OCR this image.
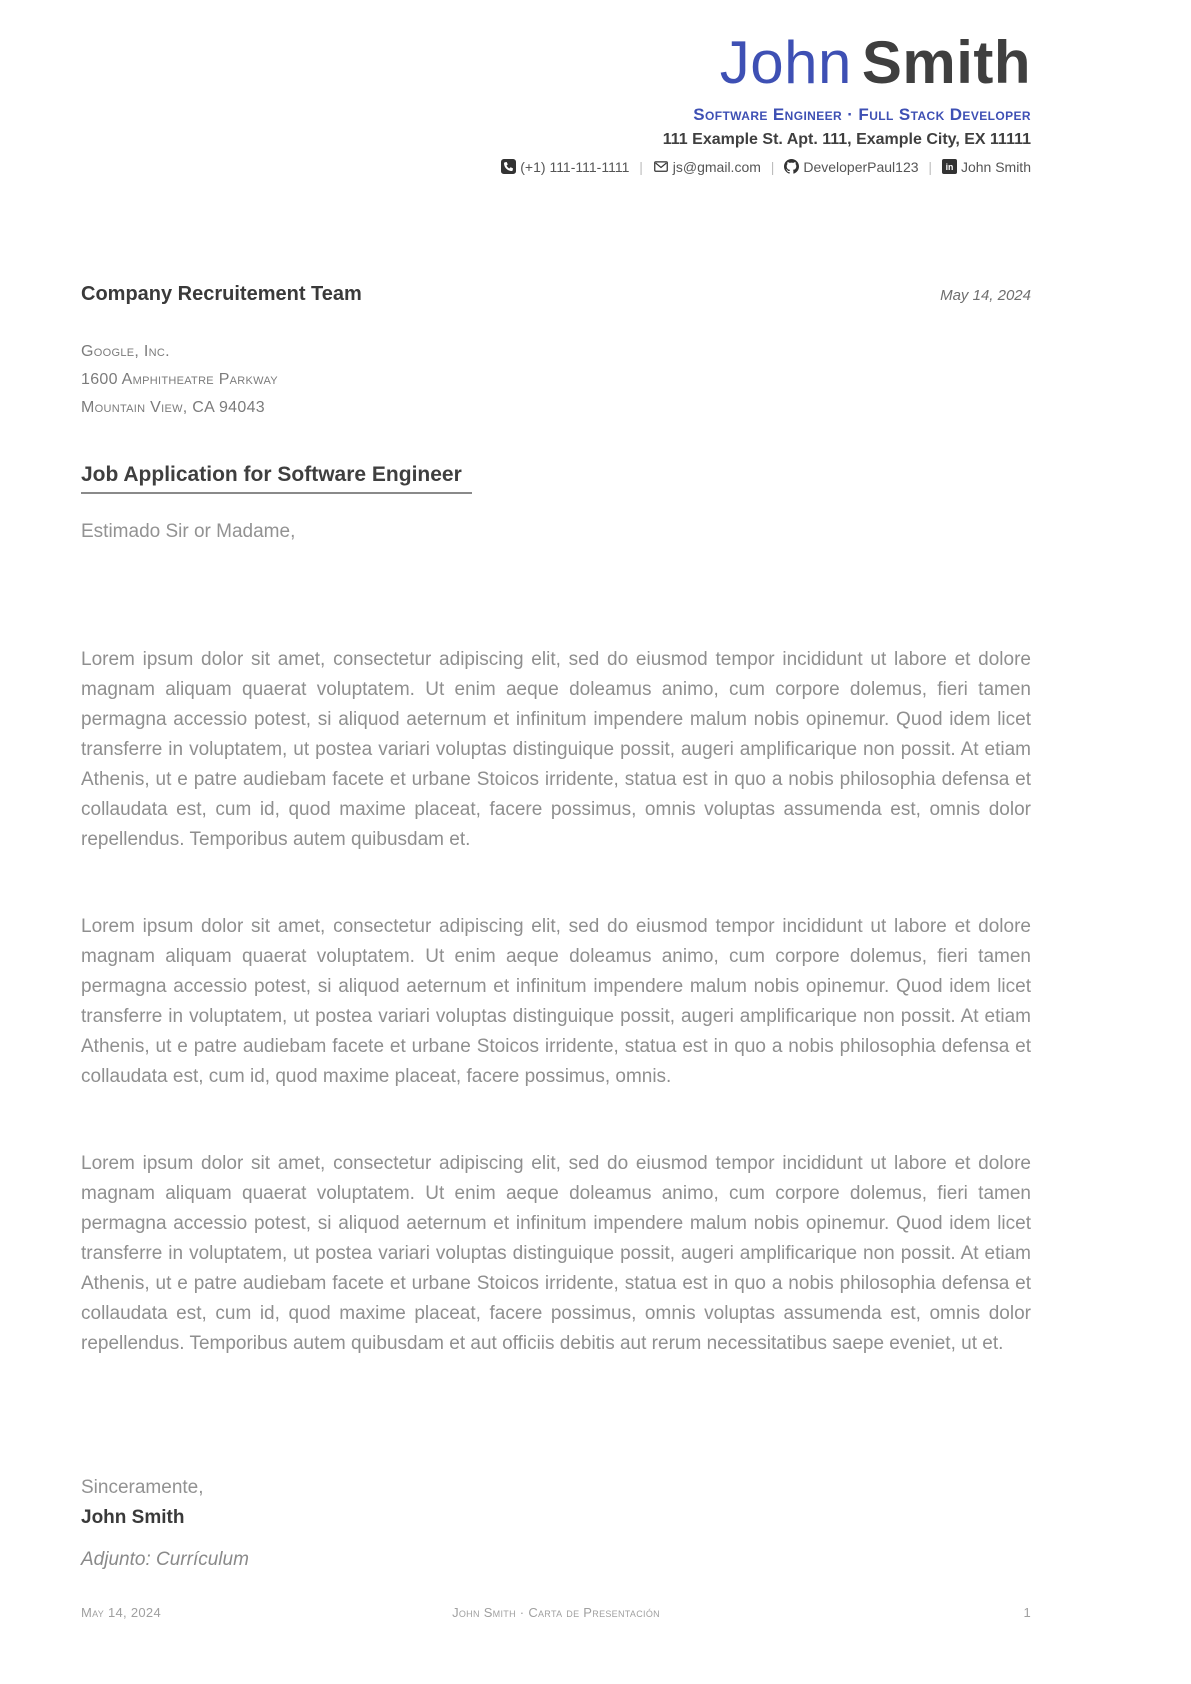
John Smith
Software Engineer · Full Stack Developer
111 Example St. Apt. 111, Example City, EX 11111
(+1) 111-111-1111 | js@gmail.com | DeveloperPaul123 | in John Smith
Company Recruitement Team	May 14, 2024
Google, Inc.
1600 Amphitheatre Parkway
Mountain View, CA 94043
Job Application for Software Engineer
Estimado Sir or Madame,

Lorem ipsum dolor sit amet, consectetur adipiscing elit, sed do eiusmod tempor incididunt ut labore et dolore magnam aliquam quaerat voluptatem. Ut enim aeque doleamus animo, cum corpore dolemus, fieri tamen permagna accessio potest, si aliquod aeternum et infinitum impendere malum nobis opinemur. Quod idem licet transferre in voluptatem, ut postea variari voluptas distinguique possit, augeri amplificarique non possit. At etiam Athenis, ut e patre audiebam facete et urbane Stoicos irridente, statua est in quo a nobis philosophia defensa et collaudata est, cum id, quod maxime placeat, facere possimus, omnis voluptas assumenda est, omnis dolor repellendus. Temporibus autem quibusdam et.

Lorem ipsum dolor sit amet, consectetur adipiscing elit, sed do eiusmod tempor incididunt ut labore et dolore magnam aliquam quaerat voluptatem. Ut enim aeque doleamus animo, cum corpore dolemus, fieri tamen permagna accessio potest, si aliquod aeternum et infinitum impendere malum nobis opinemur. Quod idem licet transferre in voluptatem, ut postea variari voluptas distinguique possit, augeri amplificarique non possit. At etiam Athenis, ut e patre audiebam facete et urbane Stoicos irridente, statua est in quo a nobis philosophia defensa et collaudata est, cum id, quod maxime placeat, facere possimus, omnis.

Lorem ipsum dolor sit amet, consectetur adipiscing elit, sed do eiusmod tempor incididunt ut labore et dolore magnam aliquam quaerat voluptatem. Ut enim aeque doleamus animo, cum corpore dolemus, fieri tamen permagna accessio potest, si aliquod aeternum et infinitum impendere malum nobis opinemur. Quod idem licet transferre in voluptatem, ut postea variari voluptas distinguique possit, augeri amplificarique non possit. At etiam Athenis, ut e patre audiebam facete et urbane Stoicos irridente, statua est in quo a nobis philosophia defensa et collaudata est, cum id, quod maxime placeat, facere possimus, omnis voluptas assumenda est, omnis dolor repellendus. Temporibus autem quibusdam et aut officiis debitis aut rerum necessitatibus saepe eveniet, ut et.

Sinceramente,
John Smith
Adjunto: Currículum
May 14, 2024	John Smith · Carta de Presentación	1
